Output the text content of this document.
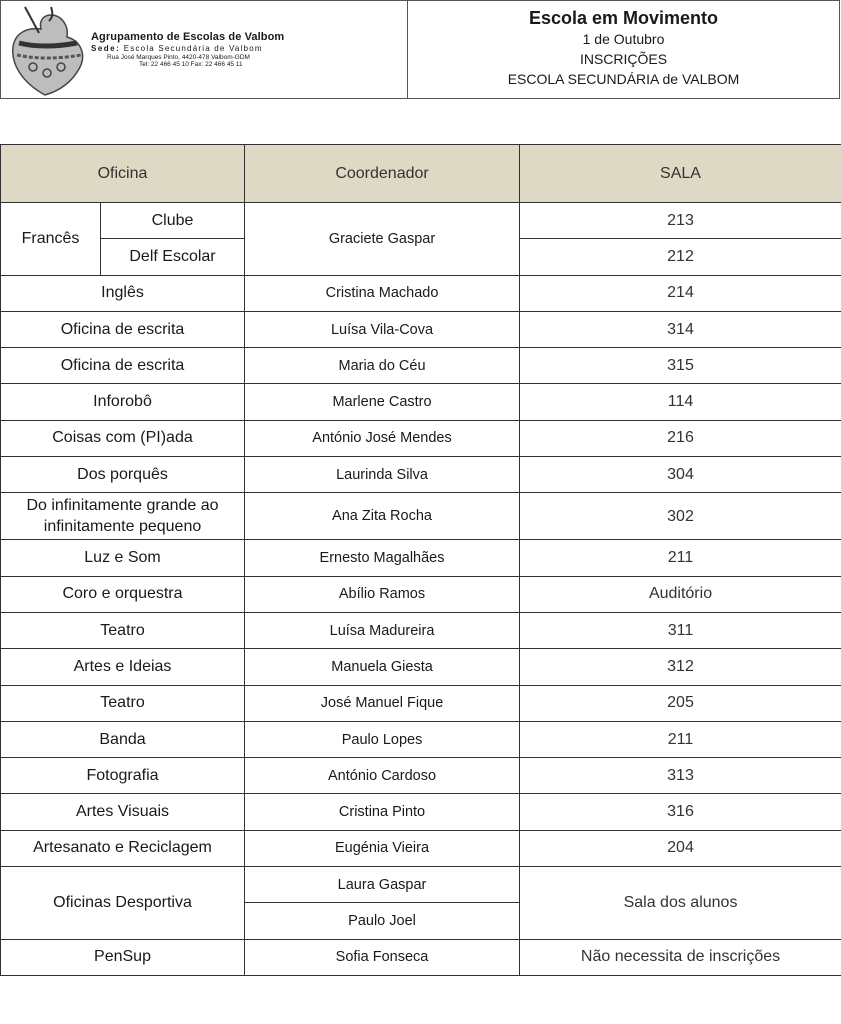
Agrupamento de Escolas de Valbom
Sede: Escola Secundária de Valbom
Rua José Marques Pinto, 4420-478 Valbom-GDM
Tel: 22 466 45 10 Fax: 22 466 45 11
Escola em Movimento
1 de Outubro
INSCRIÇÕES
ESCOLA SECUNDÁRIA de VALBOM
Oficina		Coordenador	SALA
Francês	Clube	Graciete Gaspar	213
	Delf Escolar		212
Inglês		Cristina Machado	214
Oficina de escrita		Luísa Vila-Cova	314
Oficina de escrita		Maria do Céu	315
Inforobô		Marlene Castro	114
Coisas com (PI)ada		António José Mendes	216
Dos porquês		Laurinda Silva	304
Do infinitamente grande ao
infinitamente pequeno		Ana Zita Rocha	302
Luz e Som		Ernesto Magalhães	211
Coro e orquestra		Abílio Ramos	Auditório
Teatro		Luísa Madureira	311
Artes e Ideias		Manuela Giesta	312
Teatro		José Manuel Fique	205
Banda		Paulo Lopes	211
Fotografia		António Cardoso	313
Artes Visuais		Cristina Pinto	316
Artesanato e Reciclagem		Eugénia Vieira	204
Oficinas Desportiva		Laura Gaspar	Sala dos alunos
		Paulo Joel	
PenSup		Sofia Fonseca	Não necessita de inscrições
